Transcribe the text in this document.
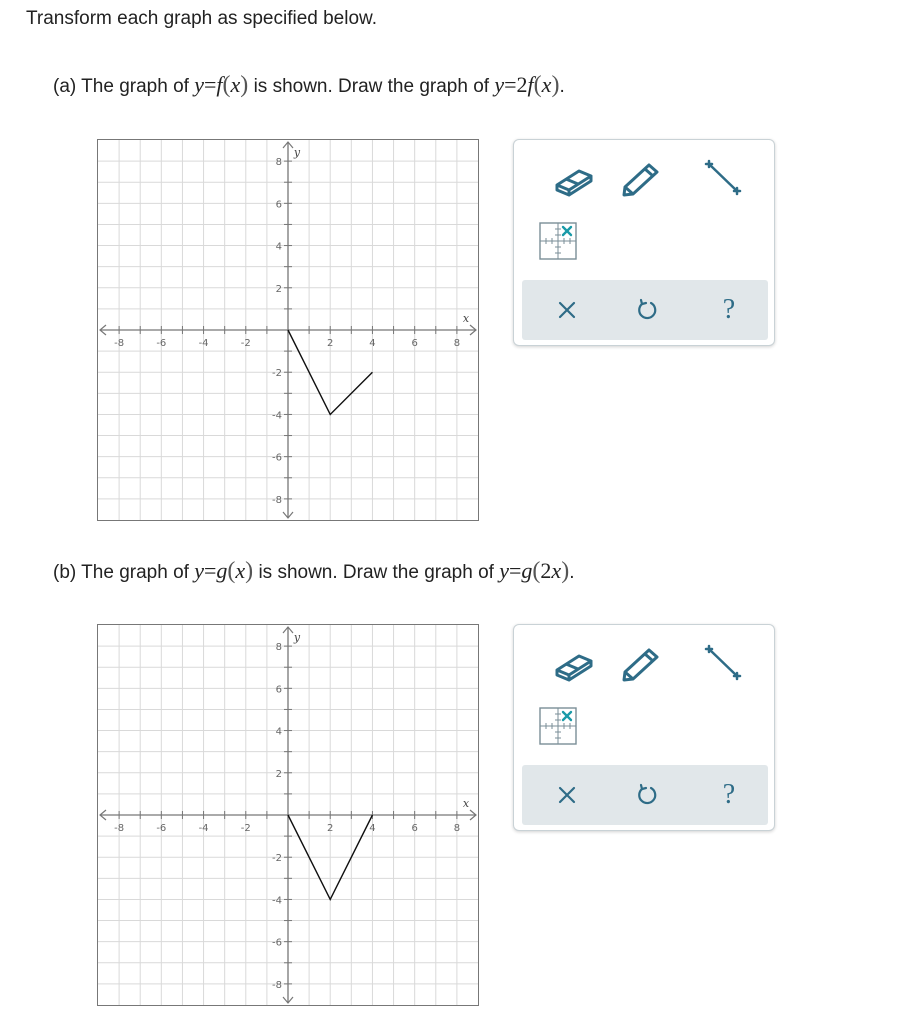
Transform each graph as specified below.
(a) The graph of y=f(x) is shown. Draw the graph of y=2f(x).
-8	-6	-4	-2	2	4	6	8
8
6
4
2
-2
-4
-6
-8
x
y
?
(b) The graph of y=g(x) is shown. Draw the graph of y=g(2x).
-8	-6	-4	-2	2	4	6	8
8
6
4
2
-2
-4
-6
-8
x
y
?
